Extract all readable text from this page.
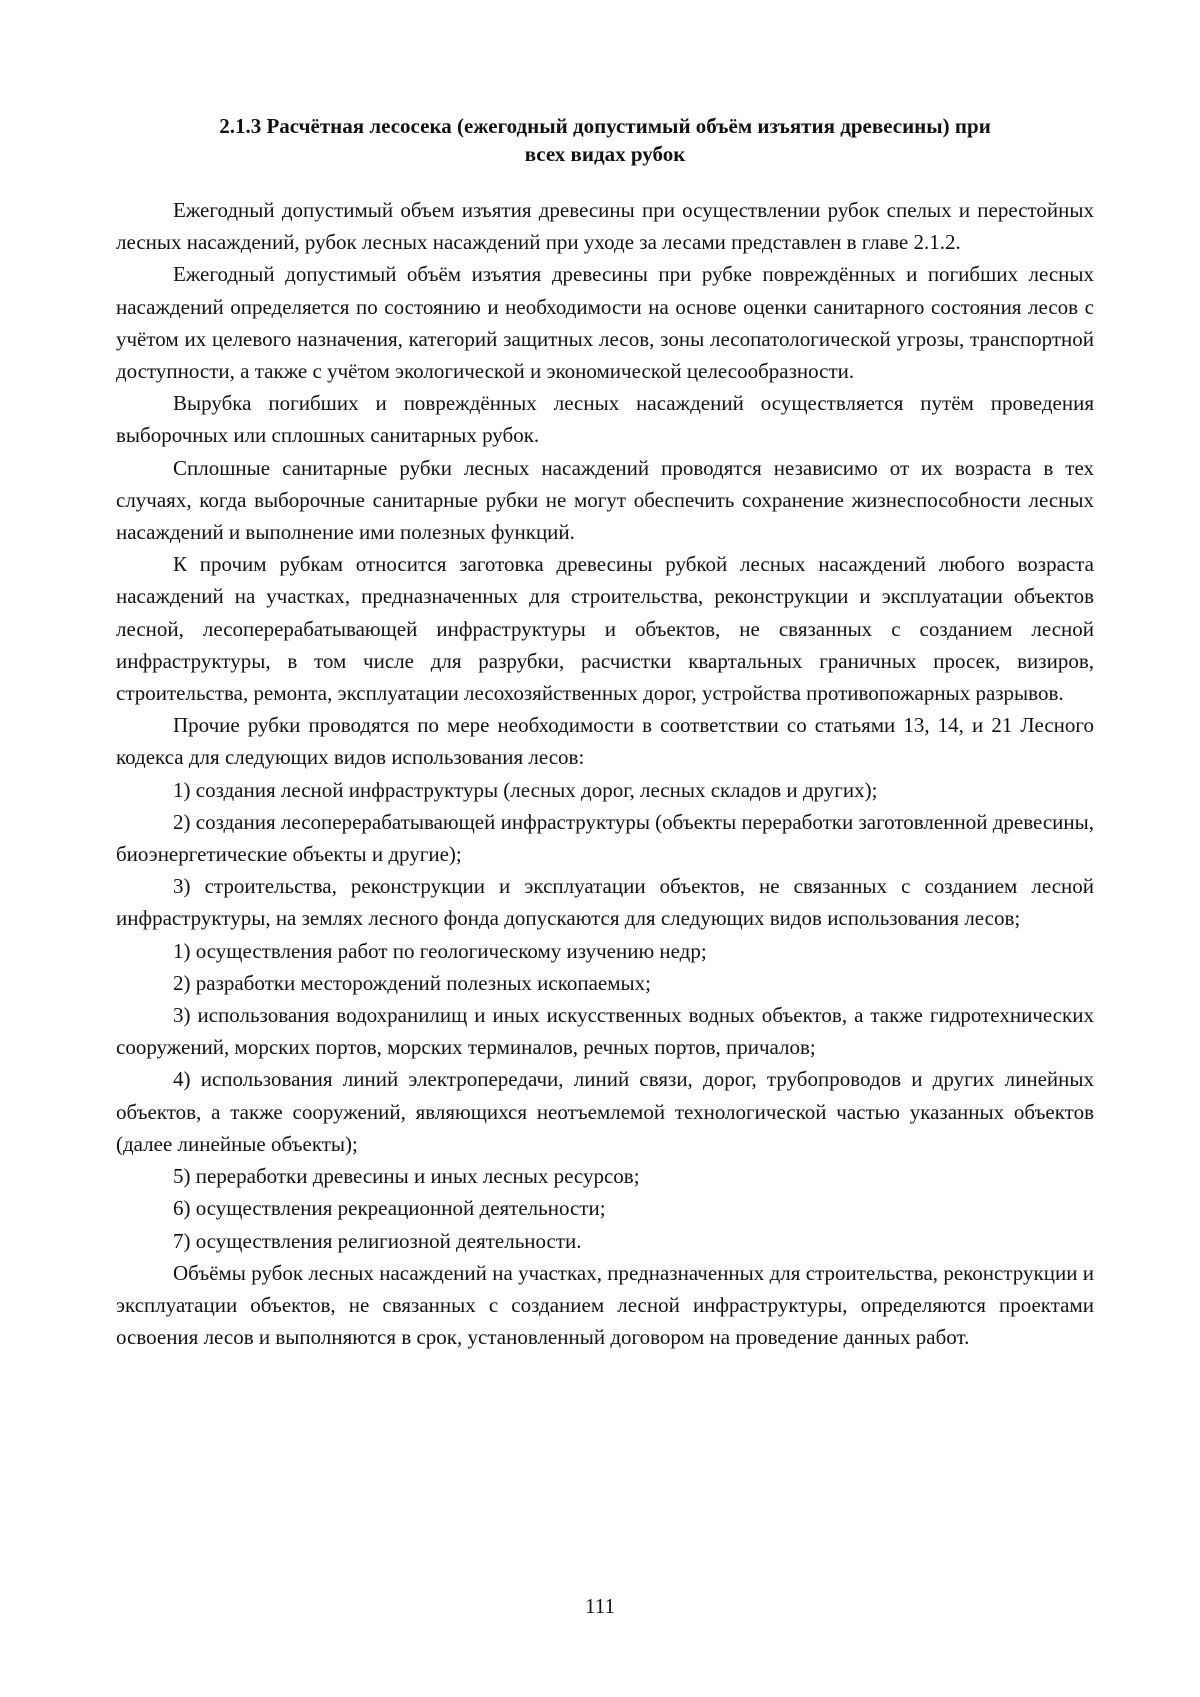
2.1.3 Расчётная лесосека (ежегодный допустимый объём изъятия древесины) при
всех видах рубок

Ежегодный допустимый объем изъятия древесины при осуществлении рубок спелых и перестойных лесных насаждений, рубок лесных насаждений при уходе за лесами представлен в главе 2.1.2.

Ежегодный допустимый объём изъятия древесины при рубке повреждённых и погибших лесных насаждений определяется по состоянию и необходимости на основе оценки санитарного состояния лесов с учётом их целевого назначения, категорий защитных лесов, зоны лесопатологической угрозы, транспортной доступности, а также с учётом экологической и экономической целесообразности.

Вырубка погибших и повреждённых лесных насаждений осуществляется путём проведения выборочных или сплошных санитарных рубок.

Сплошные санитарные рубки лесных насаждений проводятся независимо от их возраста в тех случаях, когда выборочные санитарные рубки не могут обеспечить сохранение жизнеспособности лесных насаждений и выполнение ими полезных функций.

К прочим рубкам относится заготовка древесины рубкой лесных насаждений любого возраста насаждений на участках, предназначенных для строительства, реконструкции и эксплуатации объектов лесной, лесоперерабатывающей инфраструктуры и объектов, не связанных с созданием лесной инфраструктуры, в том числе для разрубки, расчистки квартальных граничных просек, визиров, строительства, ремонта, эксплуатации лесохозяйственных дорог, устройства противопожарных разрывов.

Прочие рубки проводятся по мере необходимости в соответствии со статьями 13, 14, и 21 Лесного кодекса для следующих видов использования лесов:

1) создания лесной инфраструктуры (лесных дорог, лесных складов и других);

2) создания лесоперерабатывающей инфраструктуры (объекты переработки заготовленной древесины, биоэнергетические объекты и другие);

3) строительства, реконструкции и эксплуатации объектов, не связанных с созданием лесной инфраструктуры, на землях лесного фонда допускаются для следующих видов использования лесов;

1) осуществления работ по геологическому изучению недр;

2) разработки месторождений полезных ископаемых;

3) использования водохранилищ и иных искусственных водных объектов, а также гидротехнических сооружений, морских портов, морских терминалов, речных портов, причалов;

4) использования линий электропередачи, линий связи, дорог, трубопроводов и других линейных объектов, а также сооружений, являющихся неотъемлемой технологической частью указанных объектов (далее линейные объекты);

5) переработки древесины и иных лесных ресурсов;

6) осуществления рекреационной деятельности;

7) осуществления религиозной деятельности.

Объёмы рубок лесных насаждений на участках, предназначенных для строительства, реконструкции и эксплуатации объектов, не связанных с созданием лесной инфраструктуры, определяются проектами освоения лесов и выполняются в срок, установленный договором на проведение данных работ.

111
